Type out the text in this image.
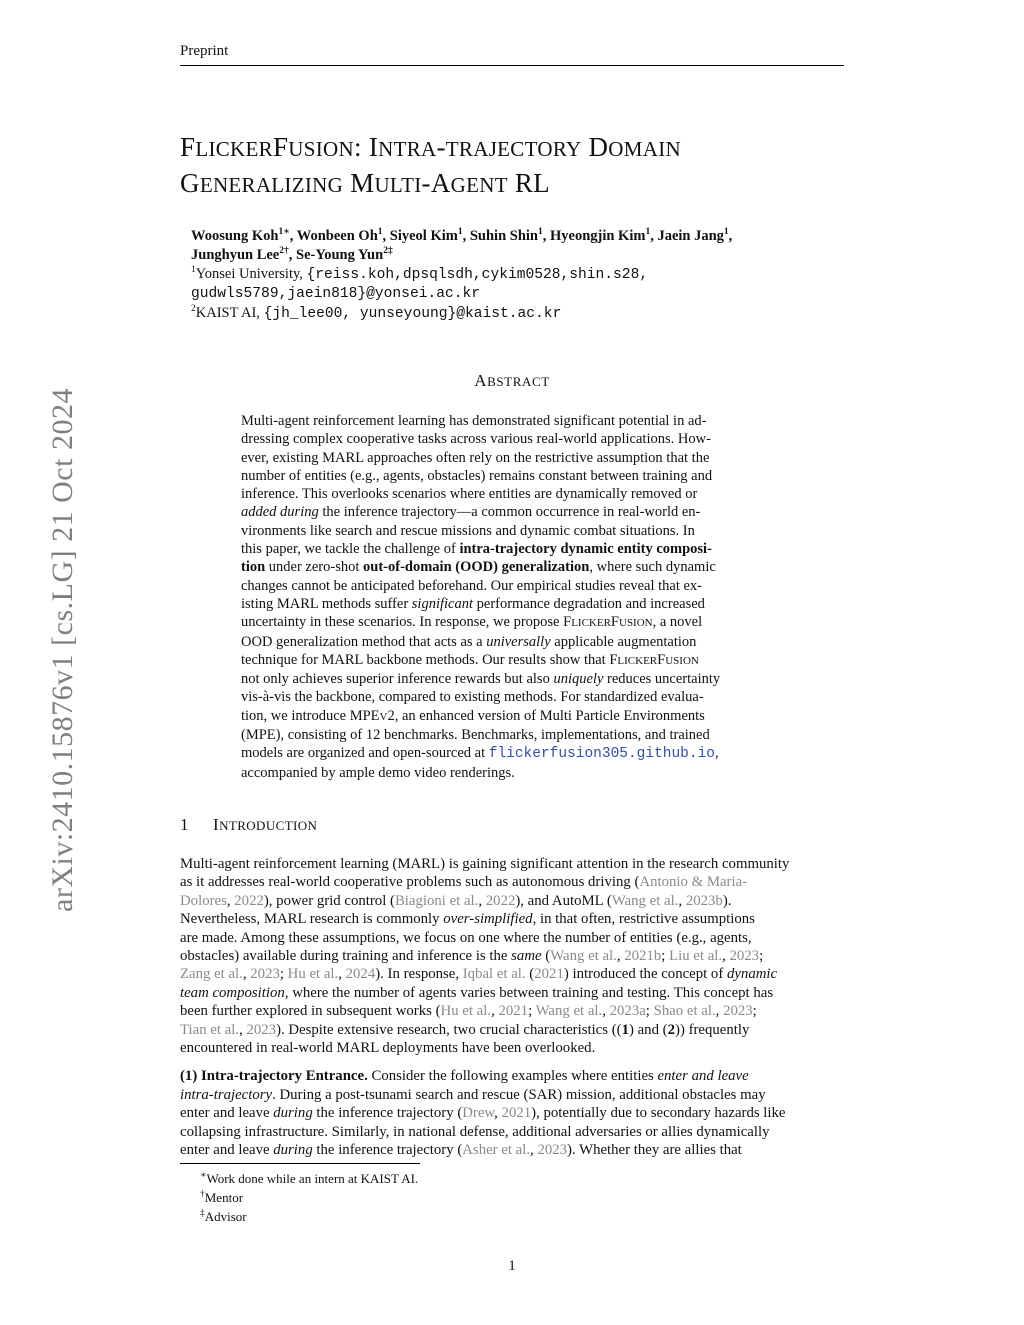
Preprint
arXiv:2410.15876v1 [cs.LG] 21 Oct 2024
FLICKERFUSION: INTRA-TRAJECTORY DOMAIN
GENERALIZING MULTI-AGENT RL
Woosung Koh$^{1∗}$, Wonbeen Oh$^1$, Siyeol Kim$^1$, Suhin Shin$^1$, Hyeongjin Kim$^1$, Jaein Jang$^1$,
Junghyun Lee$^{2\dagger}$, Se-Young Yun$^{2\ddagger}$
$^1$Yonsei University, {reiss.koh,dpsqlsdh,cykim0528,shin.s28,
gudwls5789,jaein818}@yonsei.ac.kr
$^2$KAIST AI, {jh_lee00, yunseyoung}@kaist.ac.kr
ABSTRACT
Multi-agent reinforcement learning has demonstrated significant potential in ad-
dressing complex cooperative tasks across various real-world applications. How-
ever, existing MARL approaches often rely on the restrictive assumption that the
number of entities (e.g., agents, obstacles) remains constant between training and
inference. This overlooks scenarios where entities are dynamically removed or
added during the inference trajectory—a common occurrence in real-world en-
vironments like search and rescue missions and dynamic combat situations. In
this paper, we tackle the challenge of intra-trajectory dynamic entity composi-
tion under zero-shot out-of-domain (OOD) generalization, where such dynamic
changes cannot be anticipated beforehand. Our empirical studies reveal that ex-
isting MARL methods suffer significant performance degradation and increased
uncertainty in these scenarios. In response, we propose FLICKERFUSION, a novel
OOD generalization method that acts as a universally applicable augmentation
technique for MARL backbone methods. Our results show that FLICKERFUSION
not only achieves superior inference rewards but also uniquely reduces uncertainty
vis-à-vis the backbone, compared to existing methods. For standardized evalua-
tion, we introduce MPEV2, an enhanced version of Multi Particle Environments
(MPE), consisting of 12 benchmarks. Benchmarks, implementations, and trained
models are organized and open-sourced at flickerfusion305.github.io,
accompanied by ample demo video renderings.
1 INTRODUCTION
Multi-agent reinforcement learning (MARL) is gaining significant attention in the research community
as it addresses real-world cooperative problems such as autonomous driving (Antonio & Maria-
Dolores, 2022), power grid control (Biagioni et al., 2022), and AutoML (Wang et al., 2023b).
Nevertheless, MARL research is commonly over-simplified, in that often, restrictive assumptions
are made. Among these assumptions, we focus on one where the number of entities (e.g., agents,
obstacles) available during training and inference is the same (Wang et al., 2021b; Liu et al., 2023;
Zang et al., 2023; Hu et al., 2024). In response, Iqbal et al. (2021) introduced the concept of dynamic
team composition, where the number of agents varies between training and testing. This concept has
been further explored in subsequent works (Hu et al., 2021; Wang et al., 2023a; Shao et al., 2023;
Tian et al., 2023). Despite extensive research, two crucial characteristics ((1) and (2)) frequently
encountered in real-world MARL deployments have been overlooked.
(1) Intra-trajectory Entrance. Consider the following examples where entities enter and leave
intra-trajectory. During a post-tsunami search and rescue (SAR) mission, additional obstacles may
enter and leave during the inference trajectory (Drew, 2021), potentially due to secondary hazards like
collapsing infrastructure. Similarly, in national defense, additional adversaries or allies dynamically
enter and leave during the inference trajectory (Asher et al., 2023). Whether they are allies that
∗Work done while an intern at KAIST AI.
†Mentor
‡Advisor
1
